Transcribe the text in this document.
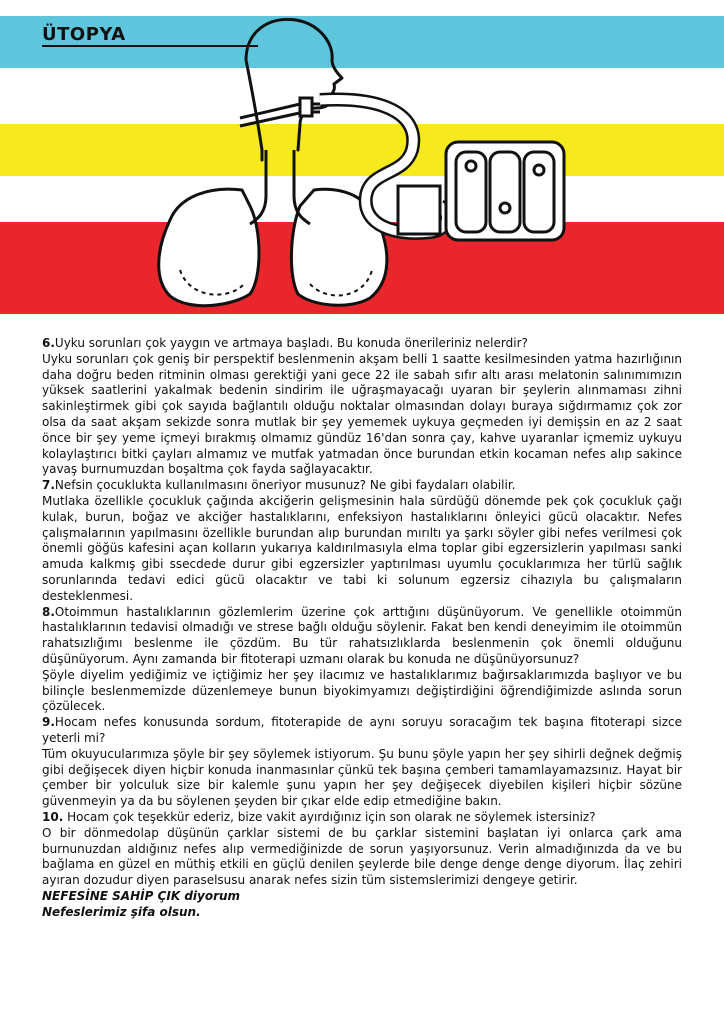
ÜTOPYA

6.Uyku sorunları çok yaygın ve artmaya başladı. Bu konuda önerileriniz nelerdir?

Uyku sorunları çok geniş bir perspektif beslenmenin akşam belli 1 saatte kesilmesinden yatma hazırlığının daha doğru beden ritminin olması gerektiği yani gece 22 ile sabah sıfır altı arası melatonin salınımımızın yüksek saatlerini yakalmak bedenin sindirim ile uğraşmayacağı uyaran bir şeylerin alınmaması zihni sakinleştirmek gibi çok sayıda bağlantılı olduğu noktalar olmasından dolayı buraya sığdırmamız çok zor olsa da saat akşam sekizde sonra mutlak bir şey yememek uykuya geçmeden iyi demişsin en az 2 saat önce bir şey yeme içmeyi bırakmış olmamız gündüz 16'dan sonra çay, kahve uyaranlar içmemiz uykuyu kolaylaştırıcı bitki çayları almamız ve mutfak yatmadan önce burundan etkin kocaman nefes alıp sakince yavaş burnumuzdan boşaltma çok fayda sağlayacaktır.

7.Nefsin çocuklukta kullanılmasını öneriyor musunuz? Ne gibi faydaları olabilir.

Mutlaka özellikle çocukluk çağında akciğerin gelişmesinin hala sürdüğü dönemde pek çok çocukluk çağı kulak, burun, boğaz ve akciğer hastalıklarını, enfeksiyon hastalıklarını önleyici gücü olacaktır. Nefes çalışmalarının yapılmasını özellikle burundan alıp burundan mırıltı ya şarkı söyler gibi nefes verilmesi çok önemli göğüs kafesini açan kolların yukarıya kaldırılmasıyla elma toplar gibi egzersizlerin yapılması sanki amuda kalkmış gibi ssecdede durur gibi egzersizler yaptırılması uyumlu çocuklarımıza her türlü sağlık sorunlarında tedavi edici gücü olacaktır ve tabi ki solunum egzersiz cihazıyla bu çalışmaların desteklenmesi.

8.Otoimmun hastalıklarının gözlemlerim üzerine çok arttığını düşünüyorum. Ve genellikle otoimmün hastalıklarının tedavisi olmadığı ve strese bağlı olduğu söylenir. Fakat ben kendi deneyimim ile otoimmün rahatsızlığımı beslenme ile çözdüm. Bu tür rahatsızlıklarda beslenmenin çok önemli olduğunu düşünüyorum. Aynı zamanda bir fitoterapi uzmanı olarak bu konuda ne düşünüyorsunuz?

Şöyle diyelim yediğimiz ve içtiğimiz her şey ilacımız ve hastalıklarımız bağırsaklarımızda başlıyor ve bu bilinçle beslenmemizde düzenlemeye bunun biyokimyamızı değiştirdiğini öğrendiğimizde aslında sorun çözülecek.

9.Hocam nefes konusunda sordum, fitoterapide de aynı soruyu soracağım tek başına fitoterapi sizce yeterli mi?

Tüm okuyucularımıza şöyle bir şey söylemek istiyorum. Şu bunu şöyle yapın her şey sihirli değnek değmiş gibi değişecek diyen hiçbir konuda inanmasınlar çünkü tek başına çemberi tamamlayamazsınız. Hayat bir çember bir yolculuk size bir kalemle şunu yapın her şey değişecek diyebilen kişileri hiçbir sözüne güvenmeyin ya da bu söylenen şeyden bir çıkar elde edip etmediğine bakın.

10. Hocam çok teşekkür ederiz, bize vakit ayırdığınız için son olarak ne söylemek istersiniz?

O bir dönmedolap düşünün çarklar sistemi de bu çarklar sistemini başlatan iyi onlarca çark ama burnunuzdan aldığınız nefes alıp vermediğinizde de sorun yaşıyorsunuz. Verin almadığınızda da ve bu bağlama en güzel en müthiş etkili en güçlü denilen şeylerde bile denge denge denge diyorum. İlaç zehiri ayıran dozudur diyen paraselsusu anarak nefes sizin tüm sistemslerimizi dengeye getirir.

NEFESİNE SAHİP ÇIK diyorum

Nefeslerimiz şifa olsun.
